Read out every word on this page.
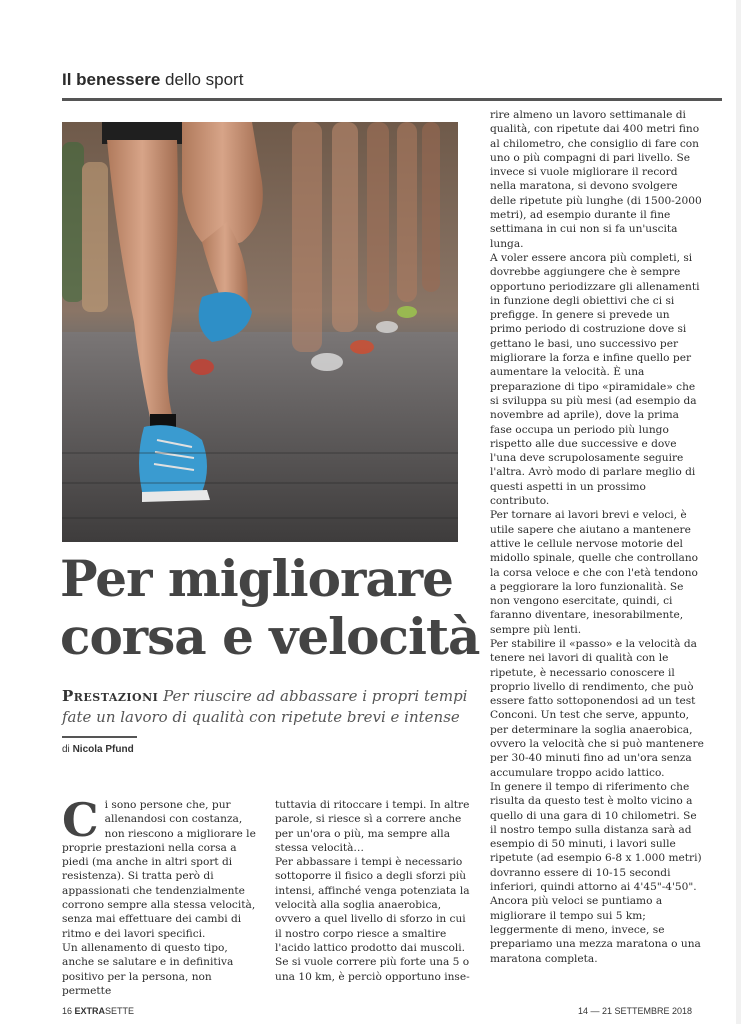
Il benessere dello sport
Per migliorare
corsa e velocità
Prestazioni Per riuscire ad abbassare i propri tempi fate un lavoro di qualità con ripetute brevi e intense
di Nicola Pfund
C i sono persone che, pur allenandosi con costanza, non riescono a migliorare le proprie prestazioni nella corsa a piedi (ma anche in altri sport di resistenza). Si tratta però di appassionati che tendenzialmente corrono sempre alla stessa velocità, senza mai effettuare dei cambi di ritmo e dei lavori specifici.

Un allenamento di questo tipo, anche se salutare e in definitiva positivo per la persona, non permette

tuttavia di ritoccare i tempi. In altre parole, si riesce sì a correre anche per un'ora o più, ma sempre alla stessa velocità…

Per abbassare i tempi è necessario sottoporre il fisico a degli sforzi più intensi, affinché venga potenziata la velocità alla soglia anaerobica, ovvero a quel livello di sforzo in cui il nostro corpo riesce a smaltire l'acido lattico prodotto dai muscoli.

Se si vuole correre più forte una 5 o una 10 km, è perciò opportuno inse-

rire almeno un lavoro settimanale di qualità, con ripetute dai 400 metri fino al chilometro, che consiglio di fare con uno o più compagni di pari livello. Se invece si vuole migliorare il record nella maratona, si devono svolgere delle ripetute più lunghe (di 1500-2000 metri), ad esempio durante il fine settimana in cui non si fa un'uscita lunga.

A voler essere ancora più completi, si dovrebbe aggiungere che è sempre opportuno periodizzare gli allenamenti in funzione degli obiettivi che ci si prefigge. In genere si prevede un primo periodo di costruzione dove si gettano le basi, uno successivo per migliorare la forza e infine quello per aumentare la velocità. È una preparazione di tipo «piramidale» che si sviluppa su più mesi (ad esempio da novembre ad aprile), dove la prima fase occupa un periodo più lungo rispetto alle due successive e dove l'una deve scrupolosamente seguire l'altra. Avrò modo di parlare meglio di questi aspetti in un prossimo contributo.

Per tornare ai lavori brevi e veloci, è utile sapere che aiutano a mantenere attive le cellule nervose motorie del midollo spinale, quelle che controllano la corsa veloce e che con l'età tendono a peggiorare la loro funzionalità. Se non vengono esercitate, quindi, ci faranno diventare, inesorabilmente, sempre più lenti.

Per stabilire il «passo» e la velocità da tenere nei lavori di qualità con le ripetute, è necessario conoscere il proprio livello di rendimento, che può essere fatto sottoponendosi ad un test Conconi. Un test che serve, appunto, per determinare la soglia anaerobica, ovvero la velocità che si può mantenere per 30-40 minuti fino ad un'ora senza accumulare troppo acido lattico.

In genere il tempo di riferimento che risulta da questo test è molto vicino a quello di una gara di 10 chilometri. Se il nostro tempo sulla distanza sarà ad esempio di 50 minuti, i lavori sulle ripetute (ad esempio 6-8 x 1.000 metri) dovranno essere di 10-15 secondi inferiori, quindi attorno ai 4'45"-4'50". Ancora più veloci se puntiamo a migliorare il tempo sui 5 km; leggermente di meno, invece, se prepariamo una mezza maratona o una maratona completa.

16 EXTRASETTE	14 — 21 SETTEMBRE 2018
